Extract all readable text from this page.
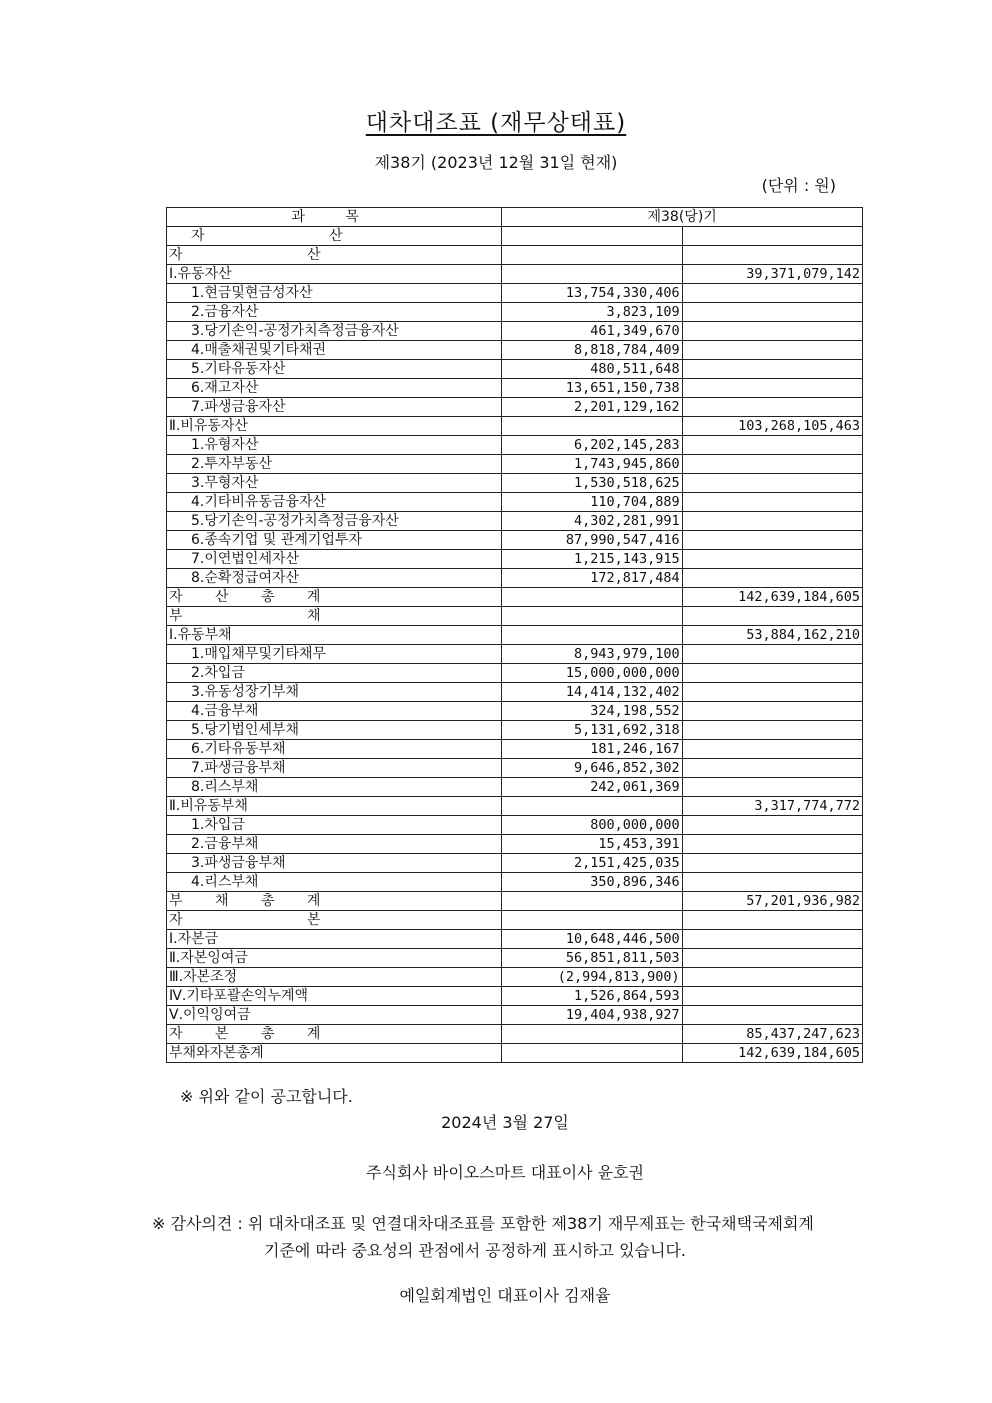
대차대조표 (재무상태표)
제38기 (2023년 12월 31일 현재)
(단위 : 원)
과 목	제38(당)기	
자 산		
자 산		
Ⅰ.유동자산		39,371,079,142
1.현금및현금성자산	13,754,330,406	
2.금융자산	3,823,109	
3.당기손익-공정가치측정금융자산	461,349,670	
4.매출채권및기타채권	8,818,784,409	
5.기타유동자산	480,511,648	
6.재고자산	13,651,150,738	
7.파생금융자산	2,201,129,162	
Ⅱ.비유동자산		103,268,105,463
1.유형자산	6,202,145,283	
2.투자부동산	1,743,945,860	
3.무형자산	1,530,518,625	
4.기타비유동금융자산	110,704,889	
5.당기손익-공정가치측정금융자산	4,302,281,991	
6.종속기업 및 관계기업투자	87,990,547,416	
7.이연법인세자산	1,215,143,915	
8.순확정급여자산	172,817,484	
자 산 총 계		142,639,184,605
부 채		
Ⅰ.유동부채		53,884,162,210
1.매입채무및기타채무	8,943,979,100	
2.차입금	15,000,000,000	
3.유동성장기부채	14,414,132,402	
4.금융부채	324,198,552	
5.당기법인세부채	5,131,692,318	
6.기타유동부채	181,246,167	
7.파생금융부채	9,646,852,302	
8.리스부채	242,061,369	
Ⅱ.비유동부채		3,317,774,772
1.차입금	800,000,000	
2.금융부채	15,453,391	
3.파생금융부채	2,151,425,035	
4.리스부채	350,896,346	
부 채 총 계		57,201,936,982
자 본		
Ⅰ.자본금	10,648,446,500	
Ⅱ.자본잉여금	56,851,811,503	
Ⅲ.자본조정	(2,994,813,900)	
Ⅳ.기타포괄손익누계액	1,526,864,593	
Ⅴ.이익잉여금	19,404,938,927	
자 본 총 계		85,437,247,623
부채와자본총계		142,639,184,605
※ 위와 같이 공고합니다.
2024년 3월 27일
주식회사 바이오스마트 대표이사 윤호권
※ 감사의견 : 위 대차대조표 및 연결대차대조표를 포함한 제38기 재무제표는 한국채택국제회계
기준에 따라 중요성의 관점에서 공정하게 표시하고 있습니다.
예일회계법인 대표이사 김재율
